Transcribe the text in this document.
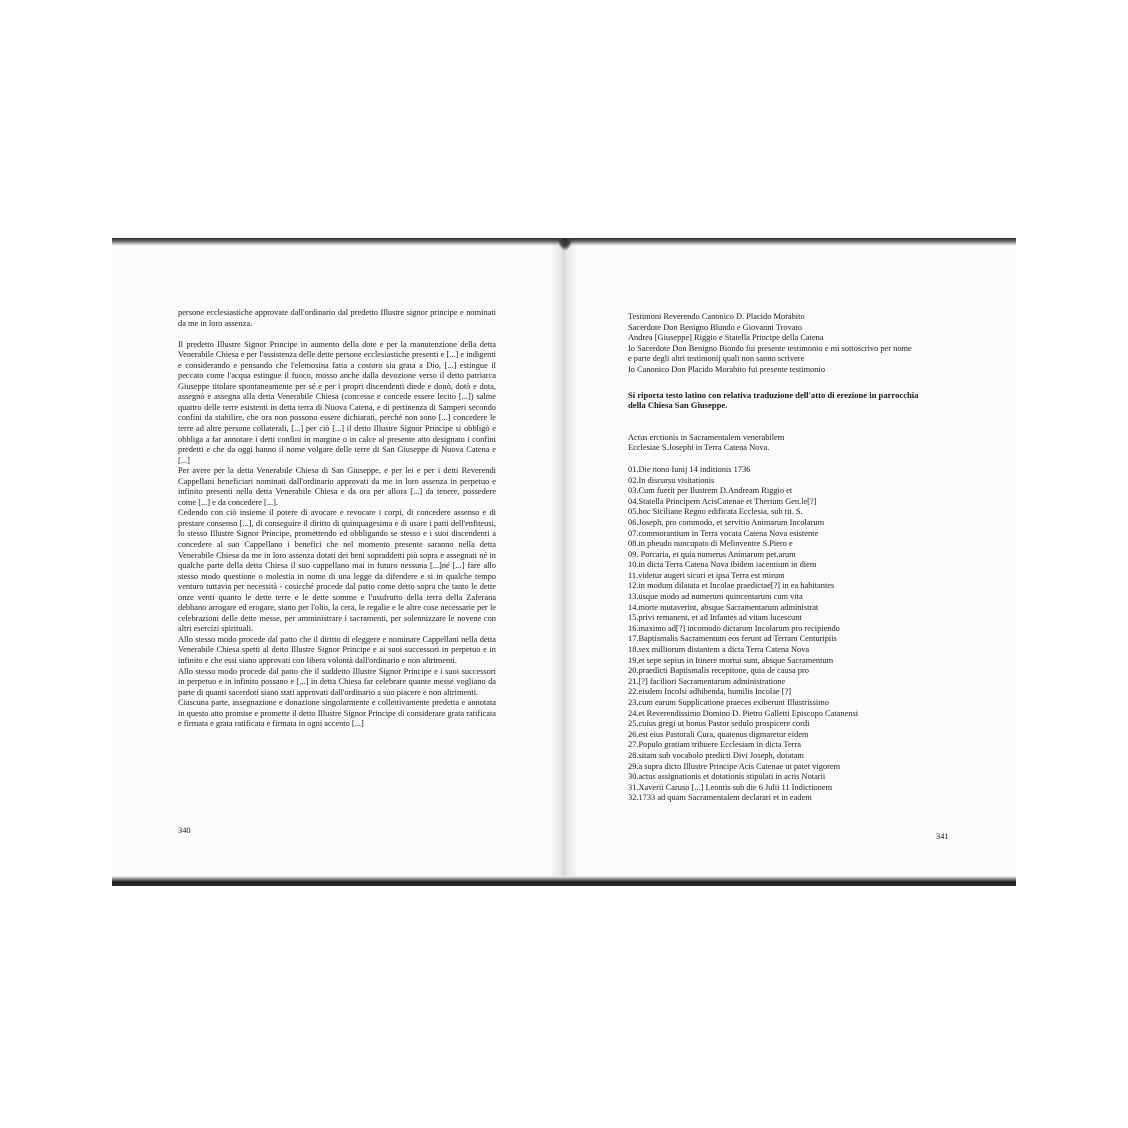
persone ecclesiastiche approvate dall'ordinario dal predetto Illustre signor principe e nominati da me in loro assenza.

Il predetto Illustre Signor Principe in aumento della dote e per la manutenzione della detta Venerabile Chiesa e per l'assistenza delle dette persone ecclesiastiche presenti e [...] e indigenti e considerando e pensando che l'elemosina fatta a costoro sia grata a Dio, [...] estingue il peccato come l'acqua estingue il fuoco, mosso anche dalla devozione verso il detto patriarca Giuseppe titolare spontaneamente per sé e per i propri discendenti diede e donò, dotò e dota, assegnò e assegna alla detta Venerabile Chiesa (concesse e concede essere lecito [...]) salme quattro delle terre esistenti in detta terra di Nuova Catena, e di pertinenza di Samperi secondo confini da stabilire, che ora non possono essere dichiarati, perché non sono [...] concedere le terre ad altre persone collaterali, [...] per ciò [...] il detto Illustre Signor Principe si obbligò e obbliga a far annotare i detti confini in margine o in calce al presente atto designato i confini predetti e che da oggi hanno il nome volgare delle terre di San Giuseppe di Nuova Catena e [...]

Per avere per la detta Venerabile Chiesa di San Giuseppe, e per lei e per i detti Reverendi Cappellani beneficiari nominati dall'ordinario approvati da me in loro assenza in perpetuo e infinito presenti nella detta Venerabile Chiesa e da ora per allora [...] da tenere, possedere come [...] e da concedere [...].

Cedendo con ciò insieme il potere di avocare e revocare i corpi, di concedere assenso e di prestare consenso [...], di conseguire il diritto di quinquagesima e di usare i patti dell'enfiteusi, lo stesso Illustre Signor Principe, promettendo ed obbligando se stesso e i suoi discendenti a concedere al suo Cappellano i benefici che nel momento presente saranno nella detta Venerabile Chiesa da me in loro assenza dotati dei beni sopraddetti più sopra e assegnati né in qualche parte della detta Chiesa il suo cappellano mai in futuro nessuna [...]né [...] fare allo stesso modo questione o molestia in nome di una legge da difendere e si in qualche tempo venturo tuttavia per necessità - cosicché procede dal patto come detto sopra che tanto le dette onze venti quanto le dette terre e le dette somme e l'usufrutto della terra della Zaferana debbano arrogare ed erogare, siano per l'olio, la cera, le regalie e le altre cose necessarie per le celebrazioni delle dette messe, per amministrare i sacramenti, per solennizzare le novene con altri esercizi spirituali.

Allo stesso modo procede dal patto che il diritto di eleggere e nominare Cappellani nella detta Venerabile Chiesa spetti al detto Illustre Signor Principe e ai suoi successori in perpetuo e in infinito e che essi siano approvati con libera volontà dall'ordinario e non altrimenti.

Allo stesso modo procede dal patto che il suddetto Illustre Signor Principe e i suoi successori in perpetuo e in infinito possano e [...] in detta Chiesa far celebrare quante messe vogliano da parte di quanti sacerdoti siano stati approvati dall'ordinario a suo piacere e non altrimenti.

Ciascuna parte, assegnazione e donazione singolarmente e collettivamente predetta e annotata in questo atto promise e promette il detto Illustre Signor Principe di considerare grata ratificata e firmata e grata ratificata e firmata in ogni accento [...]

340
Testimoni Reverendo Canonico D. Placido Morabito
Sacerdote Don Benigno Blundo e Giovanni Trovato
Andrea [Giuseppe] Riggio e Statella Principe della Catena
Io Sacerdote Don Benigno Biondo fui presente testimonio e mi sottoscrivo per nome
e parte degli altri testimonij quali non sanno scrivere
Io Canonico Don Placido Morabito fui presente testimonio
Si riporta testo latino con relativa traduzione dell'atto di erezione in parrocchia
della Chiesa San Giuseppe.
Actus erctionis in Sacramentalem venerabilem
Ecclesiae S.Josephi in Terra Catena Nova.
01.Die nono Iunij 14 inditionis 1736
02.In discursu visitationis
03.Cum fuerit per Ilustrem D.Andream Riggio et
04.Statella Principem AcisCatenae et Therium Gen.le[?]
05.hoc Siciliane Regno edificata Ecclesia, sub tit. S.
06.Joseph, pro commodo, et servitio Animarum Incolarum
07.commorantium in Terra vocata Catena Nova esistente
08.in pheudo nuncupato di Melinventre S.Piero e
09. Porcaria, et quia numerus Animarum pet.arum
10.in dicta Terra Catena Nova ibidem iacentium in diem
11.videtur augeri sicuri et ipsa Terra est mirum
12.in modum dilatata et Incolae praedictae[?] in ea habitantes
13.usque modo ad numerum quincentarum cum vita
14.morte mutaverint, absque Sacramentarum administrat
15.privi remanent, et ad Infantes ad vitam lucescunt
16.maximo ad[?] incomodo dictarum Incolarum pro recipiendo
17.Baptismalis Sacramentum eos ferunt ad Terram Centuripiis
18.sex milliorum distantem a dicta Terra Catena Nova
19.et sepe sepius in Itinere mortui sunt, absque Sacramentum
20.praedicti Baptismalis recepitone, quia de causa pro
21.[?] faciliori Sacramentarum administratione
22.eisdem Incolsi adhibenda, humilis Incolae [?]
23.cum earum Supplicatione praeces exiberunt Illustrissimo
24.et Reverendissimo Domino D. Pietro Galletti Episcopo Catanensi
25.cuius gregi ut bonus Pastor sedulo prospicere cordi
26.est eius Pastorali Cura, quatenus digmaretur eidem
27.Populo gratiam tribuere Ecclesiam in dicta Terra
28.sitam sub vocabolo predicti Divi Joseph, dotatam
29.a supra dicto Illustre Principe Acis Catenae ut patet vigorem
30.actus assignationis et dotationis stipulati in actis Notarii
31.Xaverii Caruso [...] Leontis sub die 6 Julii 11 Indictionem
32.1733 ad quam Sacramentalem declarari et in eadem
341
